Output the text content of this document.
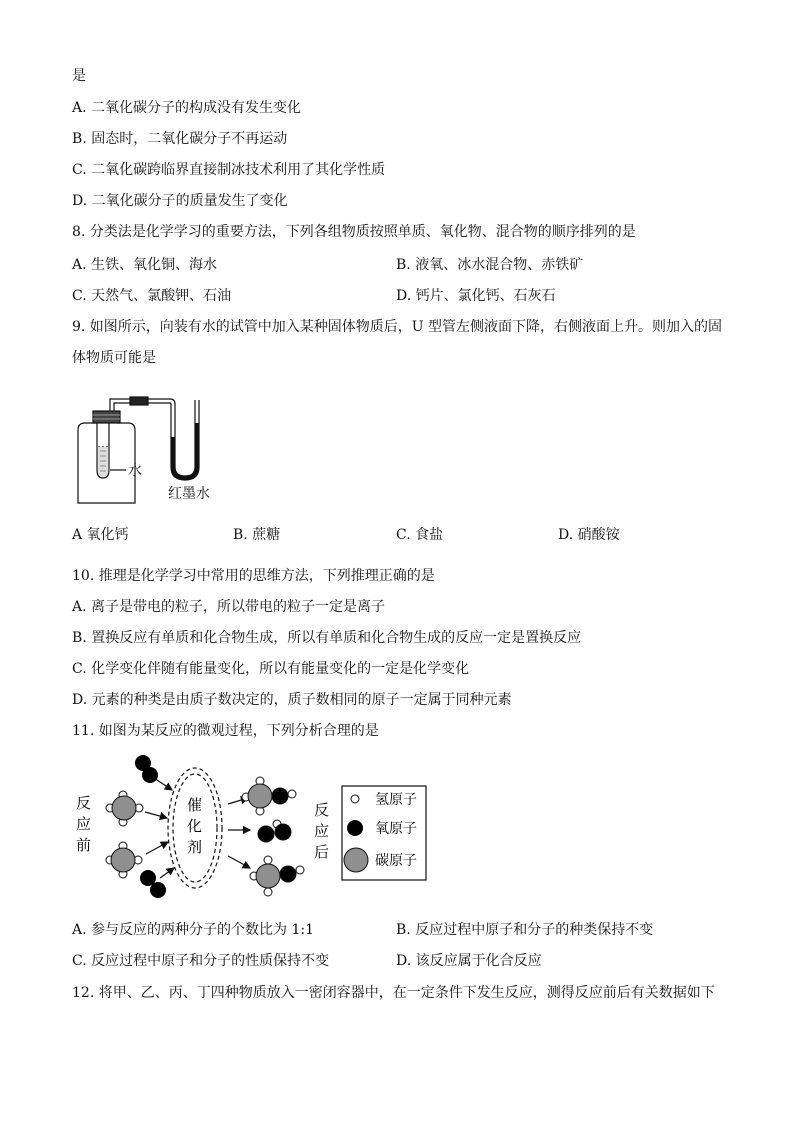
是
A. 二氧化碳分子的构成没有发生变化
B. 固态时，二氧化碳分子不再运动
C. 二氧化碳跨临界直接制冰技术利用了其化学性质
D. 二氧化碳分子的质量发生了变化
8. 分类法是化学学习的重要方法，下列各组物质按照单质、氧化物、混合物的顺序排列的是
A. 生铁、氧化铜、海水	B. 液氧、冰水混合物、赤铁矿
C. 天然气、氯酸钾、石油	D. 钙片、氯化钙、石灰石
9. 如图所示，向装有水的试管中加入某种固体物质后，U 型管左侧液面下降，右侧液面上升。则加入的固
体物质可能是
水
红墨水
A 氧化钙	B. 蔗糖	C. 食盐	D. 硝酸铵
10. 推理是化学学习中常用的思维方法，下列推理正确的是
A. 离子是带电的粒子，所以带电的粒子一定是离子
B. 置换反应有单质和化合物生成，所以有单质和化合物生成的反应一定是置换反应
C. 化学变化伴随有能量变化，所以有能量变化的一定是化学变化
D. 元素的种类是由质子数决定的，质子数相同的原子一定属于同种元素
11. 如图为某反应的微观过程，下列分析合理的是
反
应
前
催
化
剂
反
应
后
氢原子
氧原子
碳原子
A. 参与反应的两种分子的个数比为 1:1	B. 反应过程中原子和分子的种类保持不变
C. 反应过程中原子和分子的性质保持不变	D. 该反应属于化合反应
12. 将甲、乙、丙、丁四种物质放入一密闭容器中，在一定条件下发生反应，测得反应前后有关数据如下
